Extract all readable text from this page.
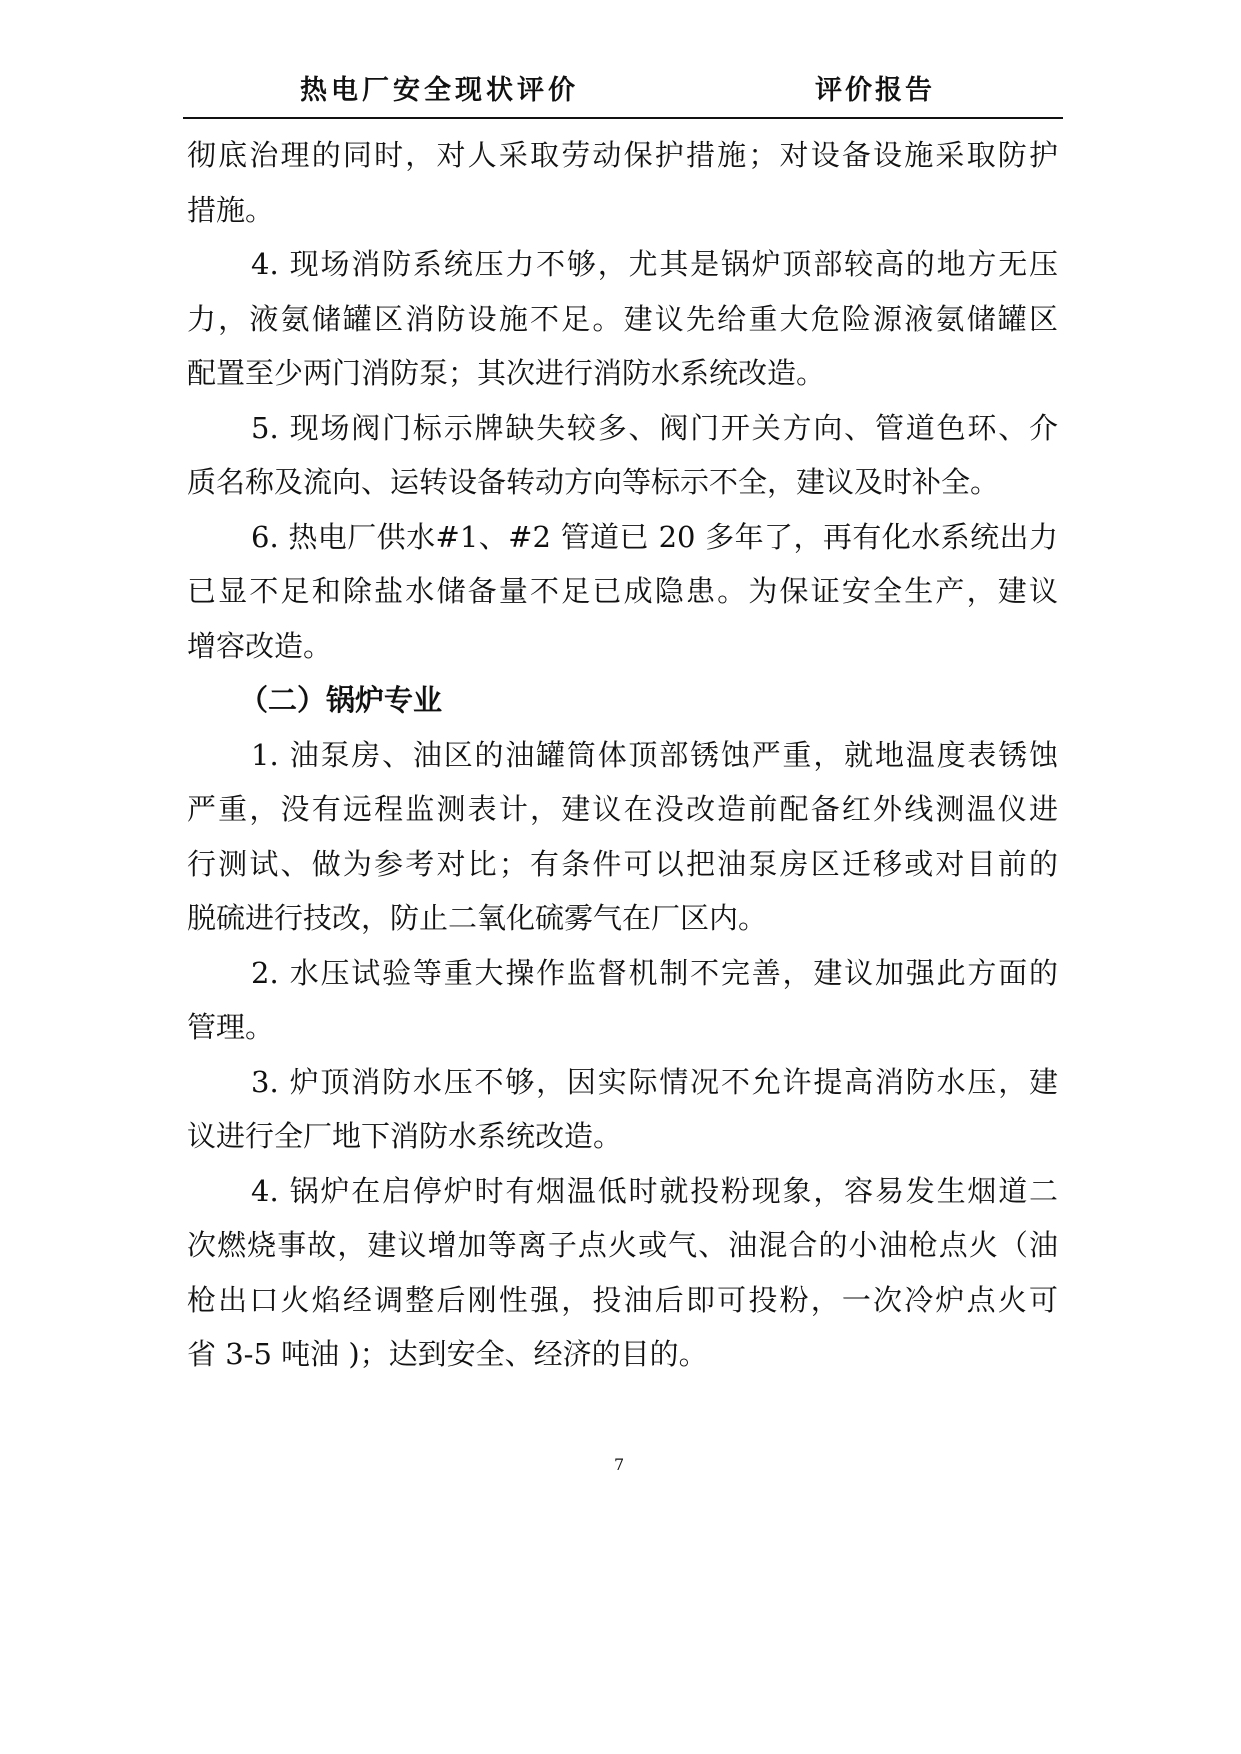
热电厂安全现状评价	评价报告
彻底治理的同时，对人采取劳动保护措施；对设备设施采取防护
措施。
4. 现场消防系统压力不够，尤其是锅炉顶部较高的地方无压
力，液氨储罐区消防设施不足。建议先给重大危险源液氨储罐区
配置至少两门消防泵；其次进行消防水系统改造。
5. 现场阀门标示牌缺失较多、阀门开关方向、管道色环、介
质名称及流向、运转设备转动方向等标示不全，建议及时补全。
6. 热电厂供水#1、#2 管道已 20 多年了，再有化水系统出力
已显不足和除盐水储备量不足已成隐患。为保证安全生产，建议
增容改造。
（二）锅炉专业
1. 油泵房、油区的油罐筒体顶部锈蚀严重，就地温度表锈蚀
严重，没有远程监测表计，建议在没改造前配备红外线测温仪进
行测试、做为参考对比；有条件可以把油泵房区迁移或对目前的
脱硫进行技改，防止二氧化硫雾气在厂区内。
2. 水压试验等重大操作监督机制不完善，建议加强此方面的
管理。
3. 炉顶消防水压不够，因实际情况不允许提高消防水压，建
议进行全厂地下消防水系统改造。
4. 锅炉在启停炉时有烟温低时就投粉现象，容易发生烟道二
次燃烧事故，建议增加等离子点火或气、油混合的小油枪点火（油
枪出口火焰经调整后刚性强，投油后即可投粉，一次冷炉点火可
省 3-5 吨油 )；达到安全、经济的目的。
7
